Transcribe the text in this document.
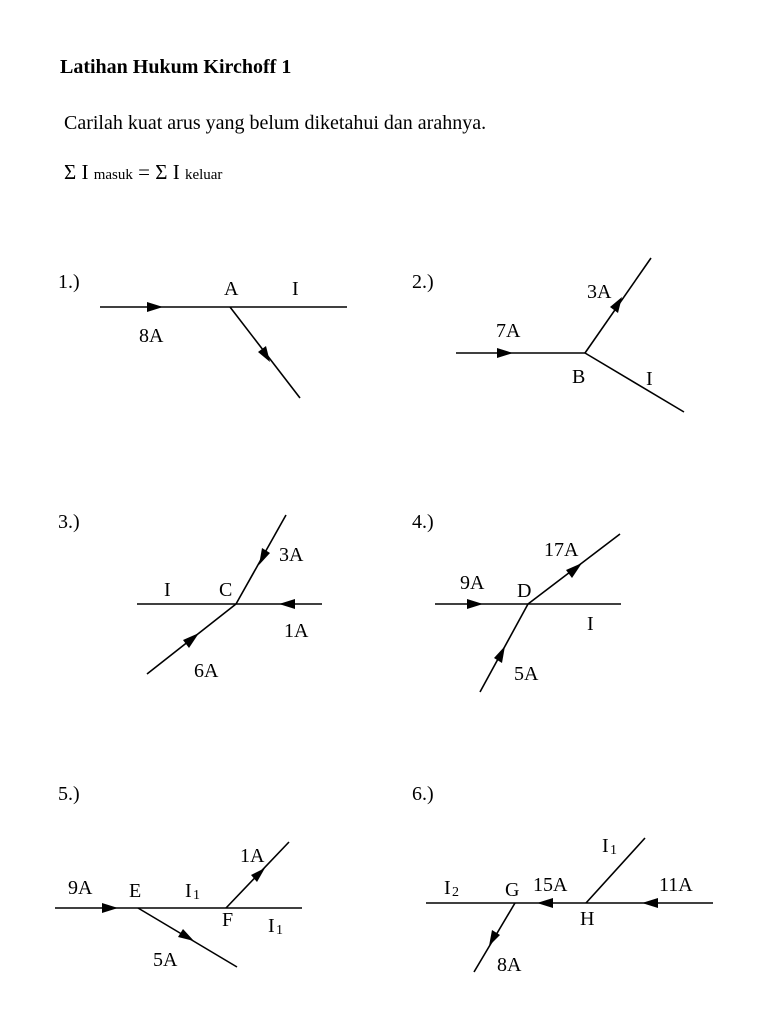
Latihan Hukum Kirchoff 1
Carilah kuat arus yang belum diketahui dan arahnya.
Σ I masuk = Σ I keluar
1.)	A
8A
I	2.)
B
7A
3A
I
3.)
C
I
3A
1A
6A
4.)
D
9A
17A
I
5A
5.)
E
F
9A	I 1
1A
I 1
5A
6.)
G
H
I 2	15A
I 1
11A
8A
